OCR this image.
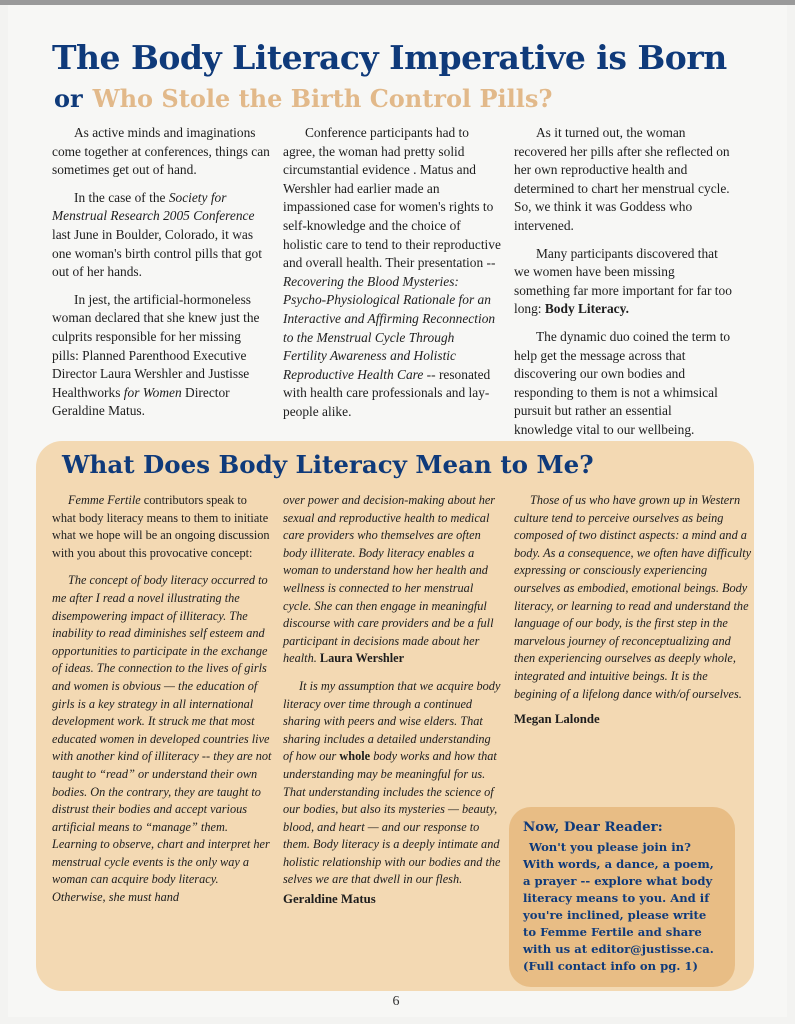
The Body Literacy Imperative is Born
or Who Stole the Birth Control Pills?

As active minds and imaginations come together at conferences, things can sometimes get out of hand.

In the case of the Society for Menstrual Research 2005 Conference last June in Boulder, Colorado, it was one woman's birth control pills that got out of her hands.

In jest, the artificial-hormoneless woman declared that she knew just the culprits responsible for her missing pills: Planned Parenthood Executive Director Laura Wershler and Justisse Healthworks for Women Director Geraldine Matus.

Conference participants had to agree, the woman had pretty solid circumstantial evidence . Matus and Wershler had earlier made an impassioned case for women's rights to self-knowledge and the choice of holistic care to tend to their reproductive and overall health. Their presentation -- Recovering the Blood Mysteries: Psycho-Physiological Rationale for an Interactive and Affirming Reconnection to the Menstrual Cycle Through Fertility Awareness and Holistic Reproductive Health Care -- resonated with health care professionals and lay-people alike.

As it turned out, the woman recovered her pills after she reflected on her own reproductive health and determined to chart her menstrual cycle. So, we think it was Goddess who intervened.

Many participants discovered that we women have been missing something far more important for far too long: Body Literacy.

The dynamic duo coined the term to help get the message across that discovering our own bodies and responding to them is not a whimsical pursuit but rather an essential knowledge vital to our wellbeing.

What Does Body Literacy Mean to Me?

Femme Fertile contributors speak to what body literacy means to them to initiate what we hope will be an ongoing discussion with you about this provocative concept:

The concept of body literacy occurred to me after I read a novel illustrating the disempowering impact of illiteracy. The inability to read diminishes self esteem and opportunities to participate in the exchange of ideas. The connection to the lives of girls and women is obvious — the education of girls is a key strategy in all international development work. It struck me that most educated women in developed countries live with another kind of illiteracy -- they are not taught to “read” or understand their own bodies. On the contrary, they are taught to distrust their bodies and accept various artificial means to “manage” them. Learning to observe, chart and interpret her menstrual cycle events is the only way a woman can acquire body literacy. Otherwise, she must hand

over power and decision-making about her sexual and reproductive health to medical care providers who themselves are often body illiterate. Body literacy enables a woman to understand how her health and wellness is connected to her menstrual cycle. She can then engage in meaningful discourse with care providers and be a full participant in decisions made about her health. Laura Wershler

It is my assumption that we acquire body literacy over time through a continued sharing with peers and wise elders. That sharing includes a detailed understanding of how our whole body works and how that understanding may be meaningful for us. That understanding includes the science of our bodies, but also its mysteries — beauty, blood, and heart — and our response to them. Body literacy is a deeply intimate and holistic relationship with our bodies and the selves we are that dwell in our flesh.

Geraldine Matus

Those of us who have grown up in Western culture tend to perceive ourselves as being composed of two distinct aspects: a mind and a body. As a consequence, we often have difficulty expressing or consciously experiencing ourselves as embodied, emotional beings. Body literacy, or learning to read and understand the language of our body, is the first step in the marvelous journey of reconceptualizing and then experiencing ourselves as deeply whole, integrated and intuitive beings. It is the begining of a lifelong dance with/of ourselves.

Megan Lalonde
Now, Dear Reader:
Won't you please join in? With words, a dance, a poem, a prayer -- explore what body literacy means to you. And if you're inclined, please write to Femme Fertile and share with us at editor@justisse.ca. (Full contact info on pg. 1)
6
